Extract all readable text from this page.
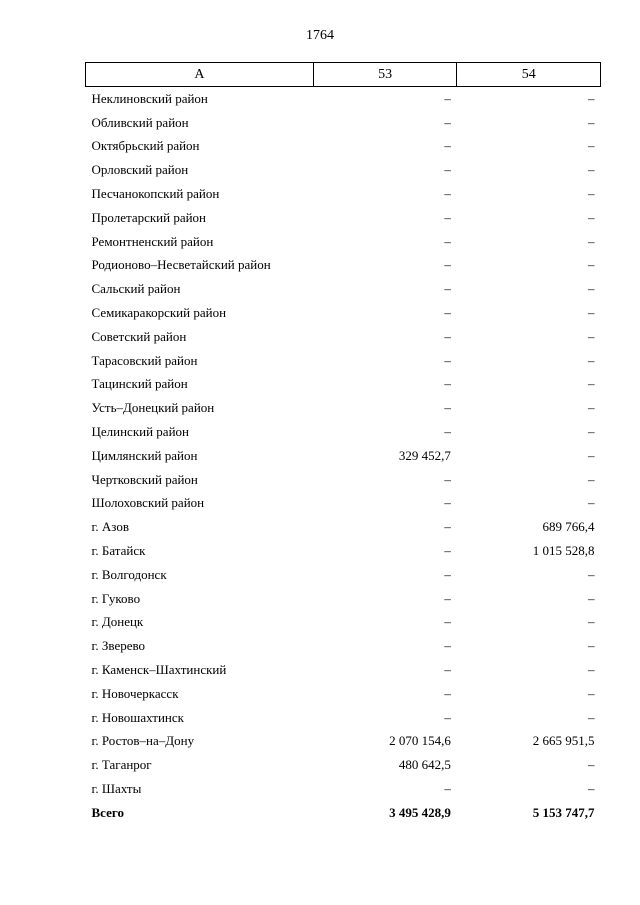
1764
А	53	54
Неклиновский район	–	–
Обливский район	–	–
Октябрьский район	–	–
Орловский район	–	–
Песчанокопский район	–	–
Пролетарский район	–	–
Ремонтненский район	–	–
Родионово–Несветайский район	–	–
Сальский район	–	–
Семикаракорский район	–	–
Советский район	–	–
Тарасовский район	–	–
Тацинский район	–	–
Усть–Донецкий район	–	–
Целинский район	–	–
Цимлянский район	329 452,7	–
Чертковский район	–	–
Шолоховский район	–	–
г. Азов	–	689 766,4
г. Батайск	–	1 015 528,8
г. Волгодонск	–	–
г. Гуково	–	–
г. Донецк	–	–
г. Зверево	–	–
г. Каменск–Шахтинский	–	–
г. Новочеркасск	–	–
г. Новошахтинск	–	–
г. Ростов–на–Дону	2 070 154,6	2 665 951,5
г. Таганрог	480 642,5	–
г. Шахты	–	–
Всего	3 495 428,9	5 153 747,7
